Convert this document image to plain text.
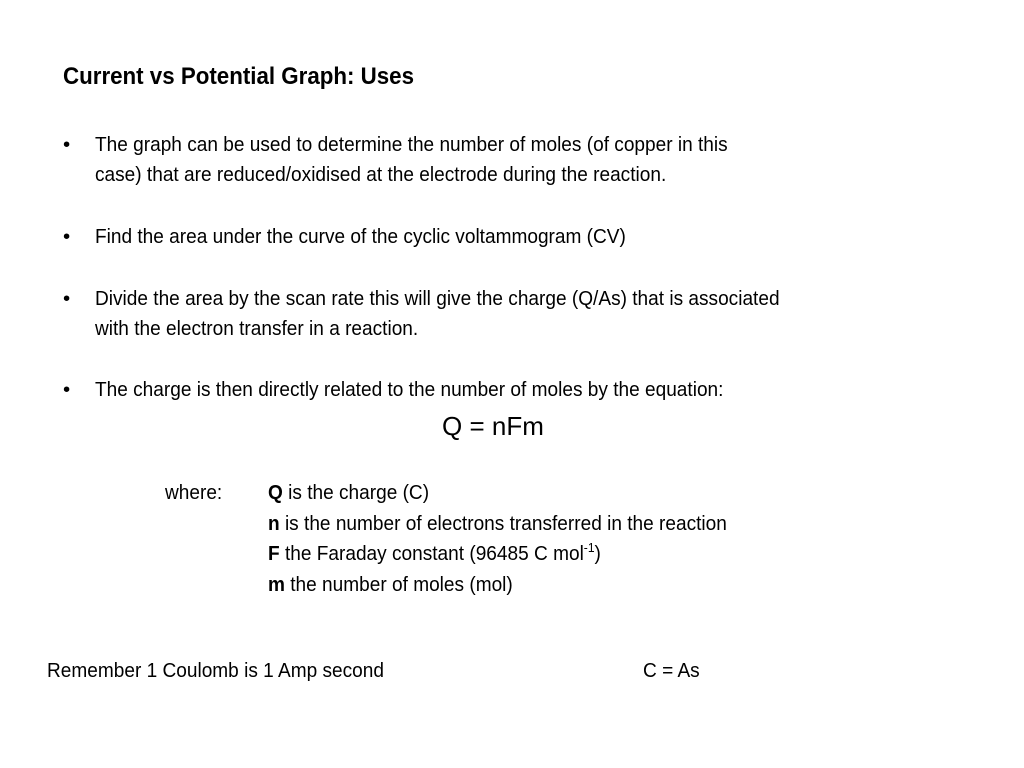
Current vs Potential Graph: Uses
•	The graph can be used to determine the number of moles (of copper in this
case) that are reduced/oxidised at the electrode during the reaction.
•	Find the area under the curve of the cyclic voltammogram (CV)
•	Divide the area by the scan rate this will give the charge (Q/As) that is associated
with the electron transfer in a reaction.
•	The charge is then directly related to the number of moles by the equation:
Q = nFm
where: Q is the charge (C)
n is the number of electrons transferred in the reaction
F the Faraday constant (96485 C mol$^{-1}$)
m the number of moles (mol)
Remember 1 Coulomb is 1 Amp second	C = As
